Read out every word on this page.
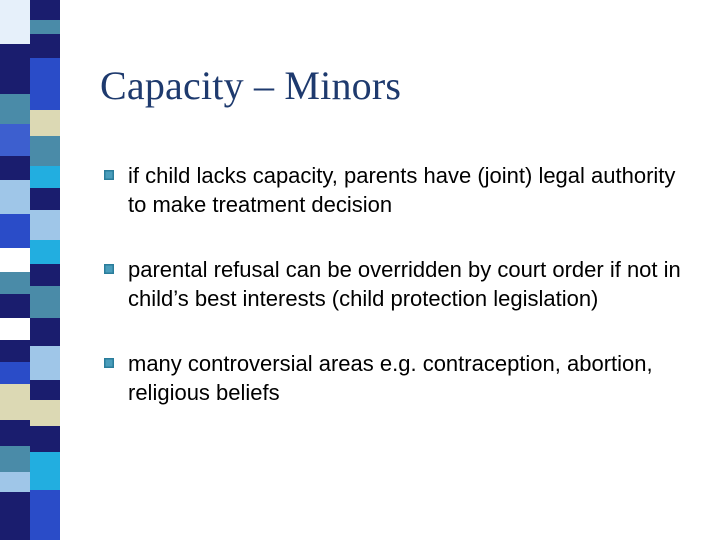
Capacity – Minors
if child lacks capacity, parents have (joint) legal authority to make treatment decision
parental refusal can be overridden by court order if not in child’s best interests (child protection legislation)
many controversial areas e.g. contraception, abortion, religious beliefs
